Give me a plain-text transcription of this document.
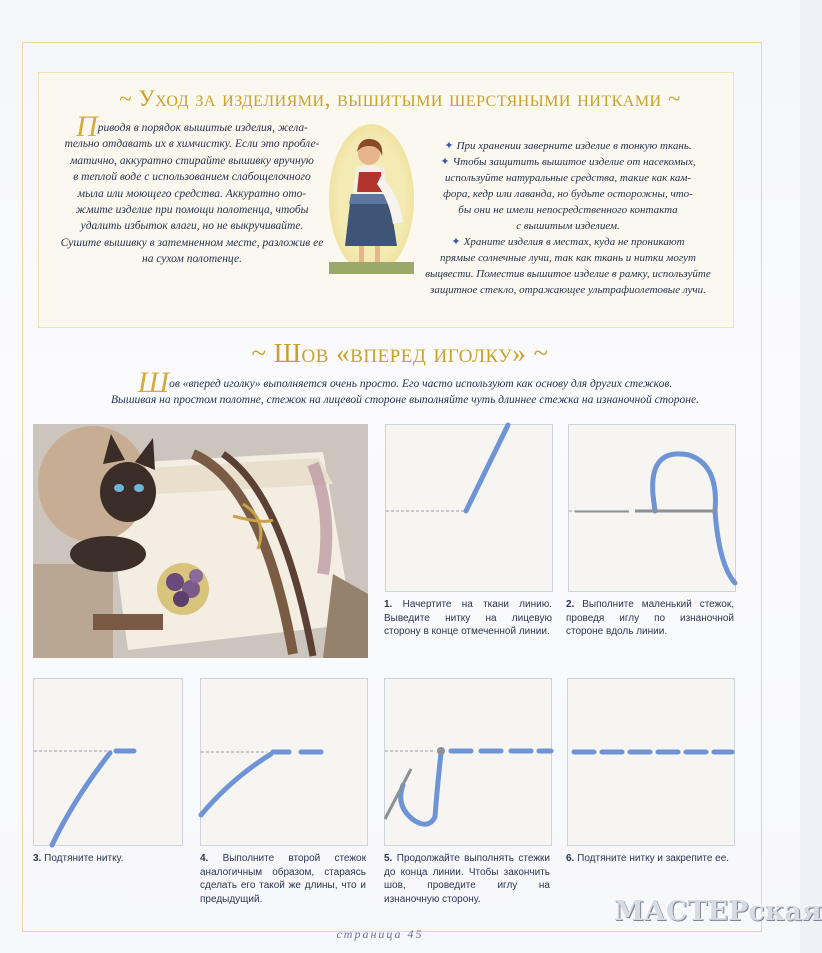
~ Уход за изделиями, вышитыми шерстяными нитками ~
Приводя в порядок вышитые изделия, жела-
тельно отдавать их в химчистку. Если это пробле-
матично, аккуратно стирайте вышивку вручную
в теплой воде с использованием слабощелочного
мыла или моющего средства. Аккуратно ото-
жмите изделие при помощи полотенца, чтобы
удалить избыток влаги, но не выкручивайте.
Сушите вышивку в затемненном месте, разложив ее
на сухом полотенце.

✦ При хранении заверните изделие в тонкую ткань.

✦ Чтобы защитить вышитое изделие от насекомых,
используйте натуральные средства, такие как кам-
фора, кедр или лаванда, но будьте осторожны, что-
бы они не имели непосредственного контакта
с вышитым изделием.

✦ Храните изделия в местах, куда не проникают
прямые солнечные лучи, так как ткань и нитки могут
выцвести. Поместив вышитое изделие в рамку, используйте
защитное стекло, отражающее ультрафиолетовые лучи.

~ Шов «вперед иголку» ~
Шов «вперед иголку» выполняется очень просто. Его часто используют как основу для других стежков.
Вышивая на простом полотне, стежок на лицевой стороне выполняйте чуть длиннее стежка на изнаночной стороне.
1. Начертите на ткани линию. Выведите нитку на лицевую сторону в конце отмеченной линии.
2. Выполните маленький стежок, проведя иглу по изнаночной стороне вдоль линии.
3. Подтяните нитку.	4. Выполните второй стежок аналогичным образом, стараясь сделать его такой же длины, что и предыдущий.
5. Продолжайте выполнять стежки до конца линии. Чтобы закончить шов, проведите иглу на изнаночную сторону.
6. Подтяните нитку и закрепите ее.
страница 45
МАСТЕРская
